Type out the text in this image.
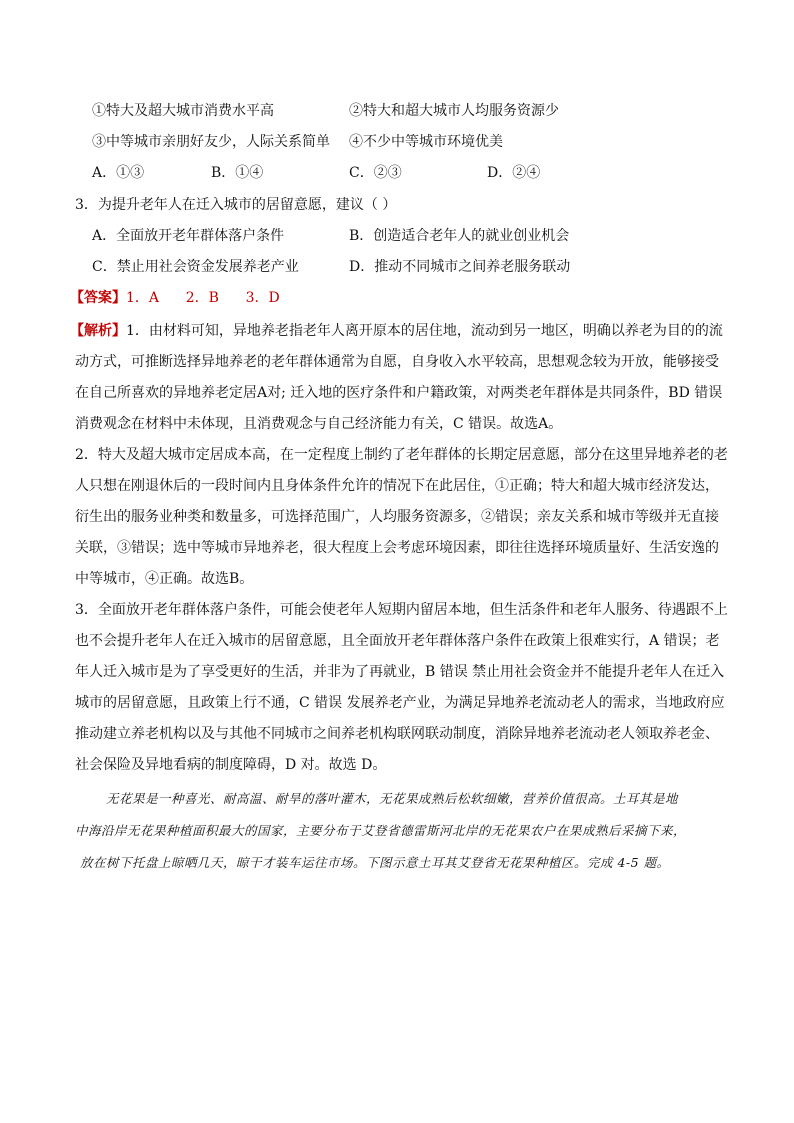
①特大及超大城市消费水平高	②特大和超大城市人均服务资源少
③中等城市亲朋好友少，人际关系简单 ④不少中等城市环境优美
A．①③	B．①④	C．②③	D．②④
3．为提升老年人在迁入城市的居留意愿，建议（ ）
A．全面放开老年群体落户条件	B．创造适合老年人的就业创业机会
C．禁止用社会资金发展养老产业	D．推动不同城市之间养老服务联动
【答案】1．A      2．B      3．D
【解析】1．由材料可知，异地养老指老年人离开原本的居住地，流动到另一地区，明确以养老为目的的流
动方式，可推断选择异地养老的老年群体通常为自愿，自身收入水平较高，思想观念较为开放，能够接受
在自己所喜欢的异地养老定居A对; 迁入地的医疗条件和户籍政策，对两类老年群体是共同条件，BD 错误
消费观念在材料中未体现，且消费观念与自己经济能力有关，C 错误。故选A。
2．特大及超大城市定居成本高，在一定程度上制约了老年群体的长期定居意愿，部分在这里异地养老的老
人只想在刚退休后的一段时间内且身体条件允许的情况下在此居住，①正确；特大和超大城市经济发达，
衍生出的服务业种类和数量多，可选择范围广，人均服务资源多，②错误；亲友关系和城市等级并无直接
关联，③错误；选中等城市异地养老，很大程度上会考虑环境因素，即往往选择环境质量好、生活安逸的
中等城市，④正确。故选B。
3．全面放开老年群体落户条件，可能会使老年人短期内留居本地，但生活条件和老年人服务、待遇跟不上
也不会提升老年人在迁入城市的居留意愿，且全面放开老年群体落户条件在政策上很难实行，A 错误；老
年人迁入城市是为了享受更好的生活，并非为了再就业，B 错误 禁止用社会资金并不能提升老年人在迁入
城市的居留意愿，且政策上行不通，C 错误 发展养老产业，为满足异地养老流动老人的需求，当地政府应
推动建立养老机构以及与其他不同城市之间养老机构联网联动制度，消除异地养老流动老人领取养老金、
社会保险及异地看病的制度障碍，D 对。故选 D。
无花果是一种喜光、耐高温、耐旱的落叶灌木，无花果成熟后松软细嫩，营养价值很高。土耳其是地
中海沿岸无花果种植面积最大的国家，主要分布于艾登省德雷斯河北岸的无花果农户在果成熟后采摘下来，
放在树下托盘上晾晒几天，晾干才装车运往市场。下图示意土耳其艾登省无花果种植区。完成 4-5 题。
